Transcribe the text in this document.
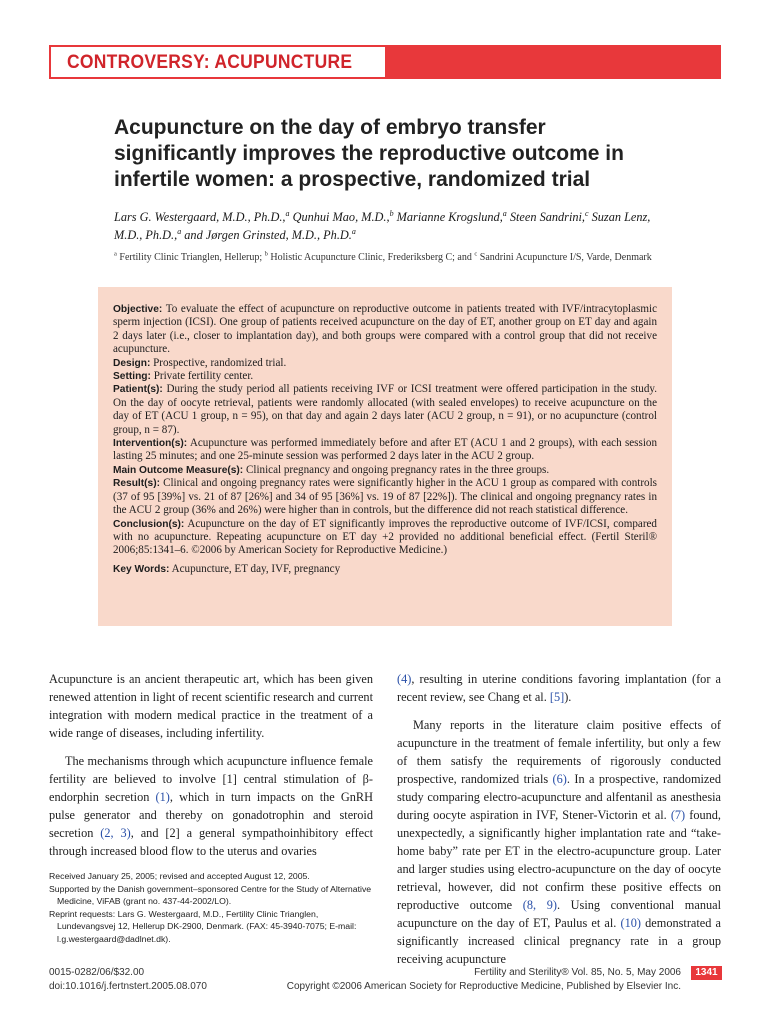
CONTROVERSY: ACUPUNCTURE
Acupuncture on the day of embryo transfer significantly improves the reproductive outcome in infertile women: a prospective, randomized trial
Lars G. Westergaard, M.D., Ph.D.,$^a$ Qunhui Mao, M.D.,$^b$ Marianne Krogslund,$^a$ Steen Sandrini,$^c$ Suzan Lenz, M.D., Ph.D.,$^a$ and Jørgen Grinsted, M.D., Ph.D.$^a$
$^a$ Fertility Clinic Trianglen, Hellerup; $^b$ Holistic Acupuncture Clinic, Frederiksberg C; and $^c$ Sandrini Acupuncture I/S, Varde, Denmark

Objective: To evaluate the effect of acupuncture on reproductive outcome in patients treated with IVF/intracytoplasmic sperm injection (ICSI). One group of patients received acupuncture on the day of ET, another group on ET day and again 2 days later (i.e., closer to implantation day), and both groups were compared with a control group that did not receive acupuncture.

Design: Prospective, randomized trial.

Setting: Private fertility center.

Patient(s): During the study period all patients receiving IVF or ICSI treatment were offered participation in the study. On the day of oocyte retrieval, patients were randomly allocated (with sealed envelopes) to receive acupuncture on the day of ET (ACU 1 group, n = 95), on that day and again 2 days later (ACU 2 group, n = 91), or no acupuncture (control group, n = 87).

Intervention(s): Acupuncture was performed immediately before and after ET (ACU 1 and 2 groups), with each session lasting 25 minutes; and one 25-minute session was performed 2 days later in the ACU 2 group.

Main Outcome Measure(s): Clinical pregnancy and ongoing pregnancy rates in the three groups.

Result(s): Clinical and ongoing pregnancy rates were significantly higher in the ACU 1 group as compared with controls (37 of 95 [39%] vs. 21 of 87 [26%] and 34 of 95 [36%] vs. 19 of 87 [22%]). The clinical and ongoing pregnancy rates in the ACU 2 group (36% and 26%) were higher than in controls, but the difference did not reach statistical difference.

Conclusion(s): Acupuncture on the day of ET significantly improves the reproductive outcome of IVF/ICSI, compared with no acupuncture. Repeating acupuncture on ET day +2 provided no additional beneficial effect. (Fertil Steril® 2006;85:1341–6. ©2006 by American Society for Reproductive Medicine.)

Key Words: Acupuncture, ET day, IVF, pregnancy

Acupuncture is an ancient therapeutic art, which has been given renewed attention in light of recent scientific research and current integration with modern medical practice in the treatment of a wide range of diseases, including infertility.

The mechanisms through which acupuncture influence female fertility are believed to involve [1] central stimulation of β-endorphin secretion (1), which in turn impacts on the GnRH pulse generator and thereby on gonadotrophin and steroid secretion (2, 3), and [2] a general sympathoinhibitory effect through increased blood flow to the uterus and ovaries

(4), resulting in uterine conditions favoring implantation (for a recent review, see Chang et al. [5]).

Many reports in the literature claim positive effects of acupuncture in the treatment of female infertility, but only a few of them satisfy the requirements of rigorously conducted prospective, randomized trials (6). In a prospective, randomized study comparing electro-acupuncture and alfentanil as anesthesia during oocyte aspiration in IVF, Stener-Victorin et al. (7) found, unexpectedly, a significantly higher implantation rate and “take-home baby” rate per ET in the electro-acupuncture group. Later and larger studies using electro-acupuncture on the day of oocyte retrieval, however, did not confirm these positive effects on reproductive outcome (8, 9). Using conventional manual acupuncture on the day of ET, Paulus et al. (10) demonstrated a significantly increased clinical pregnancy rate in a group receiving acupuncture

Received January 25, 2005; revised and accepted August 12, 2005.

Supported by the Danish government–sponsored Centre for the Study of Alternative Medicine, ViFAB (grant no. 437-44-2002/LO).

Reprint requests: Lars G. Westergaard, M.D., Fertility Clinic Trianglen, Lundevangsvej 12, Hellerup DK-2900, Denmark. (FAX: 45-3940-7075; E-mail: l.g.westergaard@dadlnet.dk).

0015-0282/06/$32.00
doi:10.1016/j.fertnstert.2005.08.070
Fertility and Sterility® Vol. 85, No. 5, May 2006
Copyright ©2006 American Society for Reproductive Medicine, Published by Elsevier Inc.
1341
